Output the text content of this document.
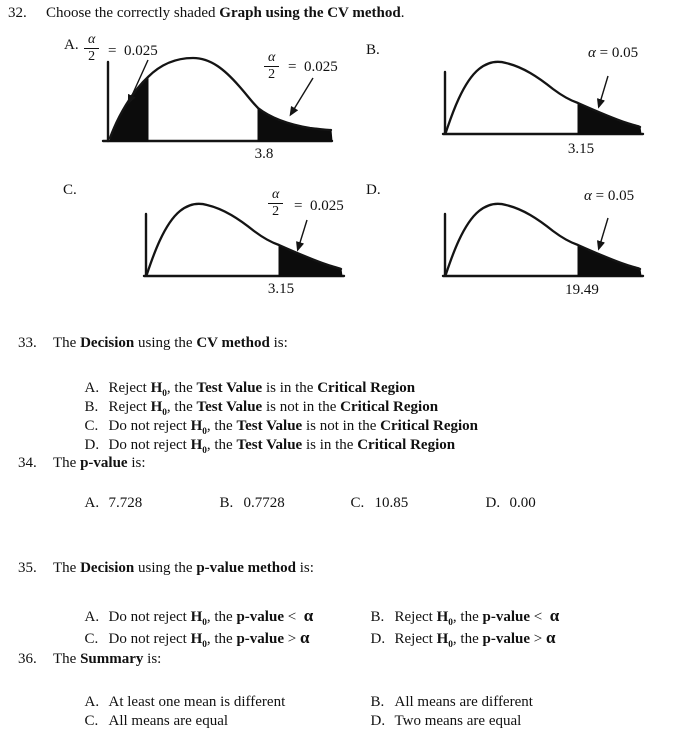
32. Choose the correctly shaded Graph using the CV method.
A. $\frac{\alpha}{2} = 0.025$	$\frac{\alpha}{2} = 0.025$
3.8
B.	α = 0.05
3.15
C.	$\frac{\alpha}{2} = 0.025$
3.15
D.	α = 0.05
19.49
33. The Decision using the CV method is:

A. Reject $H_0$, the Test Value is in the Critical Region

B. Reject $H_0$, the Test Value is not in the Critical Region

C. Do not reject $H_0$, the Test Value is not in the Critical Region

D. Do not reject $H_0$, the Test Value is in the Critical Region

34. The p-value is:

A. 7.728
	B. 0.7728
	C. 10.85
	D. 0.00

35. The Decision using the p-value method is:

A. Do not reject $H_0$, the p-value <  α
	B. Reject $H_0$, the p-value <  α

C. Do not reject $H_0$, the p-value > α
	D. Reject $H_0$, the p-value > α

36. The Summary is:

A. At least one mean is different
	B. All means are different

C. All means are equal
	D. Two means are equal
